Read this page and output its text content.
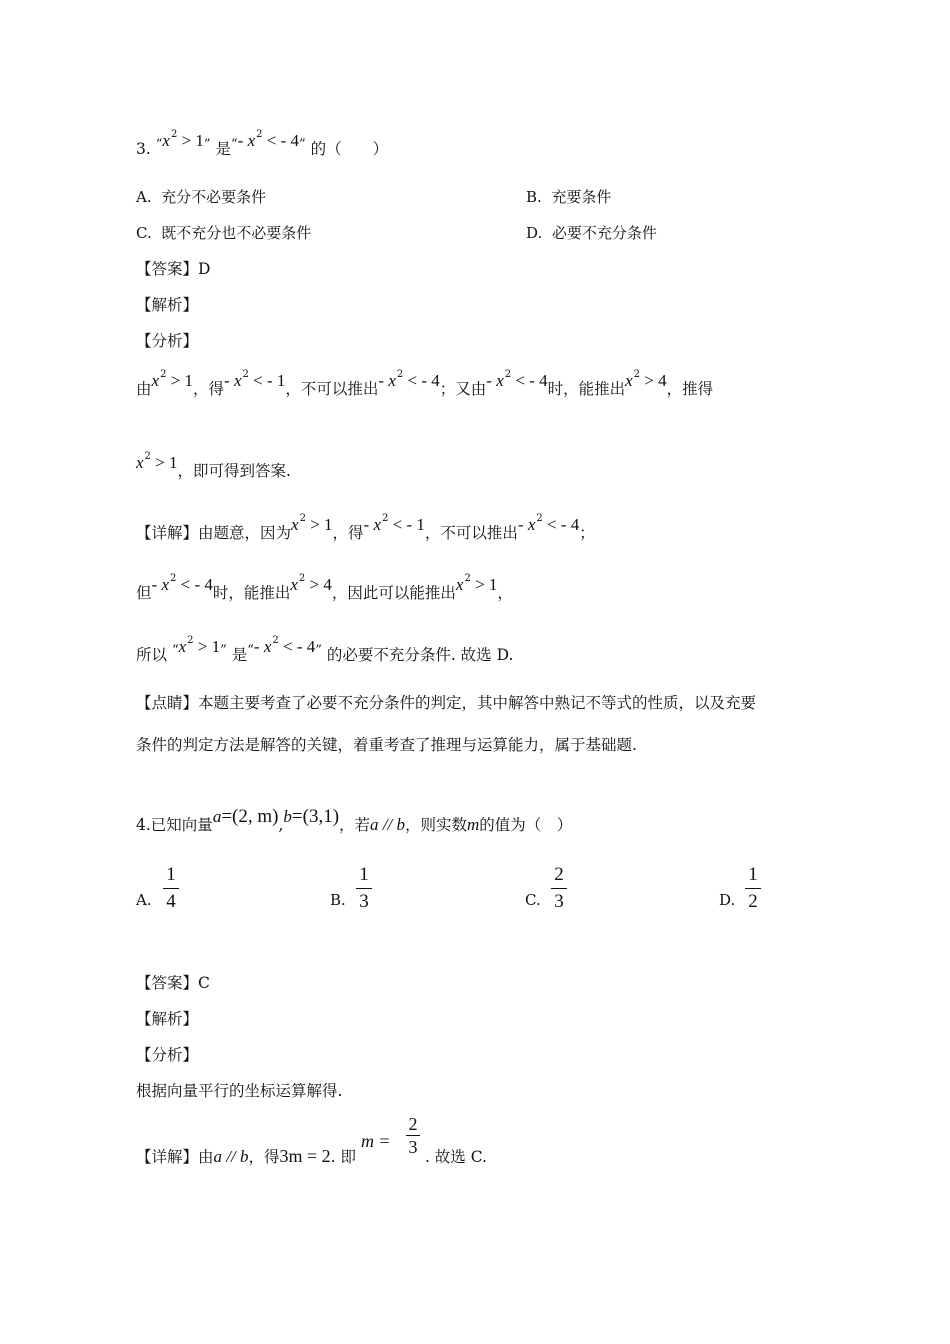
3. $^“x^2 > 1^”$ 是“- $x^2$ < - 4” 的（　　）
A. 充分不必要条件	B. 充要条件
C. 既不充分也不必要条件	D. 必要不充分条件
【答案】D
【解析】
【分析】
由$x^2 > 1$，得- $x^2$ < - 1，不可以推出- $x^2$ < - 4；又由- $x^2$ < - 4时，能推出$x^2 > 4$，推得
$x^2 > 1$，即可得到答案.
【详解】由题意，因为$x^2 > 1$，得- $x^2$ < - 1，不可以推出- $x^2$ < - 4；
但- $x^2$ < - 4时，能推出$x^2 > 4$，因此可以能推出$x^2 > 1$，
所以 $^“x^2 > 1^”$ 是“- $x^2$ < - 4” 的必要不充分条件. 故选 D.
【点睛】本题主要考查了必要不充分条件的判定，其中解答中熟记不等式的性质，以及充要
条件的判定方法是解答的关键，着重考查了推理与运算能力，属于基础题.
4.已知向量a=(2, m),b=(3,1)，若a // b，则实数m的值为（　）
A.
1
4	B.
1
3	C.
2
3	D.
1
2
【答案】C
【解析】
【分析】
根据向量平行的坐标运算解得.
【详解】由a // b，得3m = 2. 即
m =
2
3 . 故选 C.
